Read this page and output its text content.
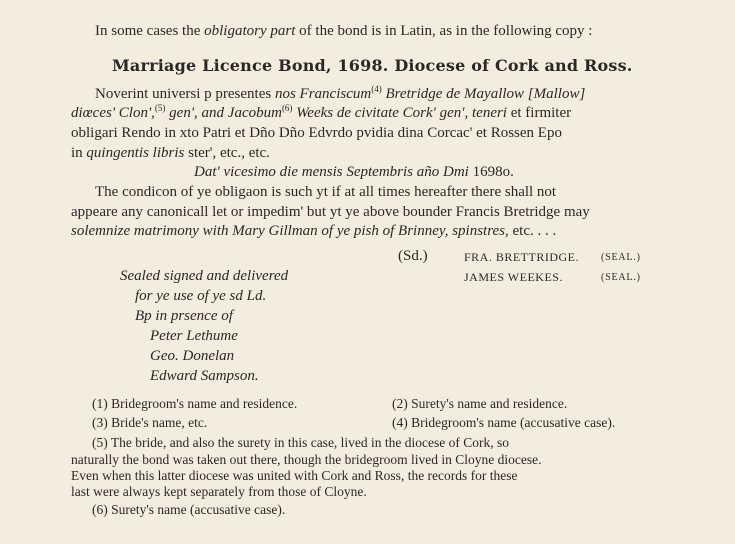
In some cases the obligatory part of the bond is in Latin, as in the following copy :
Marriage Licence Bond, 1698. Diocese of Cork and Ross.
Noverint universi p presentes nos Franciscum$^{(4)}$ Bretridge de Mayallow [Mallow]
diœces' Clon',$^{(5)}$ gen', and Jacobum$^{(6)}$ Weeks de civitate Cork' gen', teneri et firmiter
obligari Rendo in xto Patri et Dño Dño Edvrdo pvidia dina Corcac' et Rossen Epo
in quingentis libris ster', etc., etc.
Dat' vicesimo die mensis Septembris año Dmi 1698o.
The condicon of ye obligaon is such yt if at all times hereafter there shall not
appeare any canonicall let or impedim' but yt ye above bounder Francis Bretridge may
solemnize matrimony with Mary Gillman of ye pish of Brinney, spinstres, etc. . . .
(Sd.)	FRA. BRETTRIDGE. (SEAL.)
JAMES WEEKES.	(SEAL.)
Sealed signed and delivered
for ye use of ye sd Ld.
Bp in prsence of
Peter Lethume
Geo. Donelan
Edward Sampson.
(1) Bridegroom's name and residence.	(2) Surety's name and residence.
(3) Bride's name, etc.	(4) Bridegroom's name (accusative case).
(5) The bride, and also the surety in this case, lived in the diocese of Cork, so
naturally the bond was taken out there, though the bridegroom lived in Cloyne diocese.
Even when this latter diocese was united with Cork and Ross, the records for these
last were always kept separately from those of Cloyne.
(6) Surety's name (accusative case).
